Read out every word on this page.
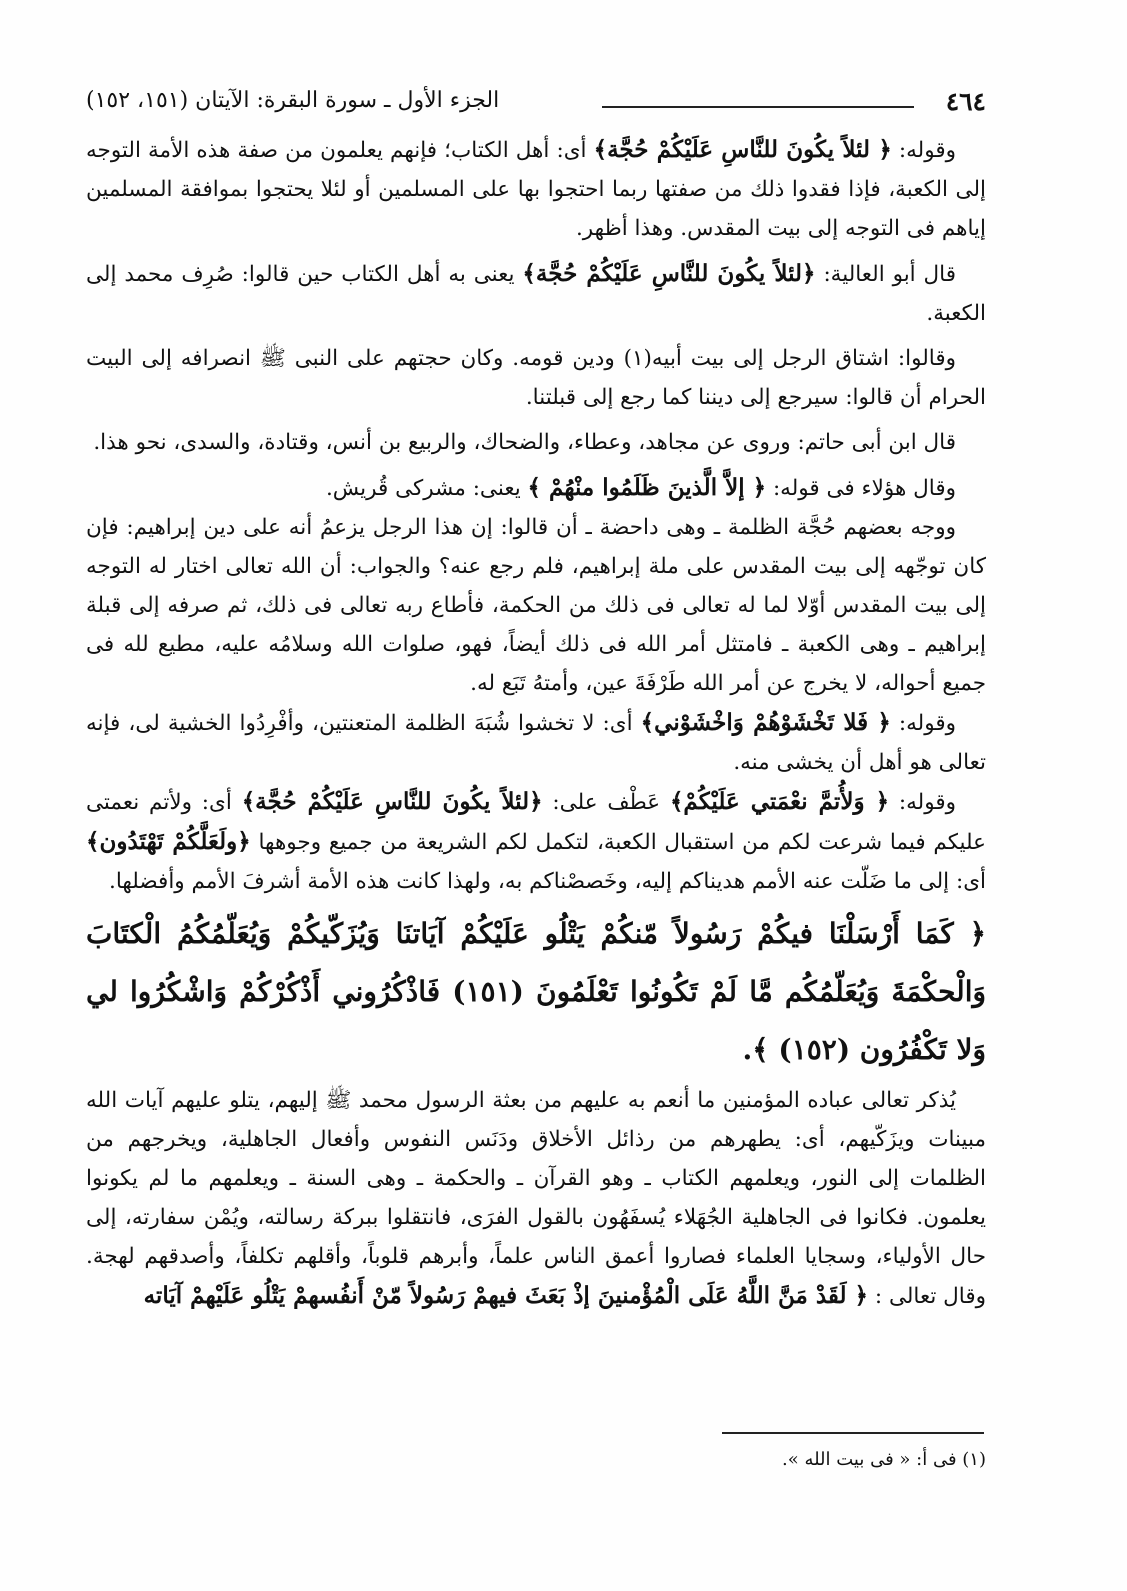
٤٦٤
الجزء الأول ـ سورة البقرة: الآيتان (١٥١، ١٥٢)

وقوله: ﴿ لئلاً يكُونَ للنَّاسِ عَلَيْكُمْ حُجَّة﴾ أى: أهل الكتاب؛ فإنهم يعلمون من صفة هذه الأمة التوجه إلى الكعبة، فإذا فقدوا ذلك من صفتها ربما احتجوا بها على المسلمين أو لئلا يحتجوا بموافقة المسلمين إياهم فى التوجه إلى بيت المقدس. وهذا أظهر.

قال أبو العالية: ﴿لئلاً يكُونَ للنَّاسِ عَلَيْكُمْ حُجَّة﴾ يعنى به أهل الكتاب حين قالوا: صُرِف محمد إلى الكعبة.

وقالوا: اشتاق الرجل إلى بيت أبيه(١) ودين قومه. وكان حجتهم على النبى ﷺ انصرافه إلى البيت الحرام أن قالوا: سيرجع إلى ديننا كما رجع إلى قبلتنا.

قال ابن أبى حاتم: وروى عن مجاهد، وعطاء، والضحاك، والربيع بن أنس، وقتادة، والسدى، نحو هذا.

وقال هؤلاء فى قوله: ﴿ إلاَّ الَّذينَ ظَلَمُوا منْهُمْ ﴾ يعنى: مشركى قُريش.

ووجه بعضهم حُجَّة الظلمة ـ وهى داحضة ـ أن قالوا: إن هذا الرجل يزعمُ أنه على دين إبراهيم: فإن كان توجّهه إلى بيت المقدس على ملة إبراهيم، فلم رجع عنه؟ والجواب: أن الله تعالى اختار له التوجه إلى بيت المقدس أوّلا لما له تعالى فى ذلك من الحكمة، فأطاع ربه تعالى فى ذلك، ثم صرفه إلى قبلة إبراهيم ـ وهى الكعبة ـ فامتثل أمر الله فى ذلك أيضاً، فهو، صلوات الله وسلامُه عليه، مطيع لله فى جميع أحواله، لا يخرج عن أمر الله طَرْفَةَ عين، وأمتهُ تَبَع له.

وقوله: ﴿ فَلا تَخْشَوْهُمْ وَاخْشَوْني﴾ أى: لا تخشوا شُبَهَ الظلمة المتعنتين، وأفْرِدُوا الخشية لى، فإنه تعالى هو أهل أن يخشى منه.

وقوله: ﴿ وَلأُتمَّ نعْمَتي عَلَيْكُمْ﴾ عَطْف على: ﴿لئلاً يكُونَ للنَّاسِ عَلَيْكُمْ حُجَّة﴾ أى: ولأتم نعمتى عليكم فيما شرعت لكم من استقبال الكعبة، لتكمل لكم الشريعة من جميع وجوهها ﴿ولَعَلَّكُمْ تَهْتَدُون﴾ أى: إلى ما ضَلّت عنه الأمم هديناكم إليه، وخَصصْناكم به، ولهذا كانت هذه الأمة أشرفَ الأمم وأفضلها.

﴿ كَمَا أَرْسَلْنَا فيكُمْ رَسُولاً مّنكُمْ يَتْلُو عَلَيْكُمْ آيَاتنَا وَيُزَكّيكُمْ وَيُعَلّمُكُمُ الْكتَابَ وَالْحكْمَةَ وَيُعَلّمُكُم مَّا لَمْ تَكُونُوا تَعْلَمُونَ (١٥١) فَاذْكُرُوني أَذْكُرْكُمْ وَاشْكُرُوا لي وَلا تَكْفُرُون (١٥٢) ﴾.

يُذكر تعالى عباده المؤمنين ما أنعم به عليهم من بعثة الرسول محمد ﷺ إليهم، يتلو عليهم آيات الله مبينات ويزَكّيهم، أى: يطهرهم من رذائل الأخلاق ودَنَس النفوس وأفعال الجاهلية، ويخرجهم من الظلمات إلى النور، ويعلمهم الكتاب ـ وهو القرآن ـ والحكمة ـ وهى السنة ـ ويعلمهم ما لم يكونوا يعلمون. فكانوا فى الجاهلية الجُهَلاء يُسفَهُون بالقول الفرَى، فانتقلوا ببركة رسالته، ويُمْن سفارته، إلى حال الأولياء، وسجايا العلماء فصاروا أعمق الناس علماً، وأبرهم قلوباً، وأقلهم تكلفاً، وأصدقهم لهجة. وقال تعالى : ﴿ لَقَدْ مَنَّ اللَّهُ عَلَى الْمُؤْمنينَ إذْ بَعَثَ فيهمْ رَسُولاً مّنْ أَنفُسهمْ يَتْلُو عَلَيْهمْ آيَاته

(١) فى أ: « فى بيت الله ».
